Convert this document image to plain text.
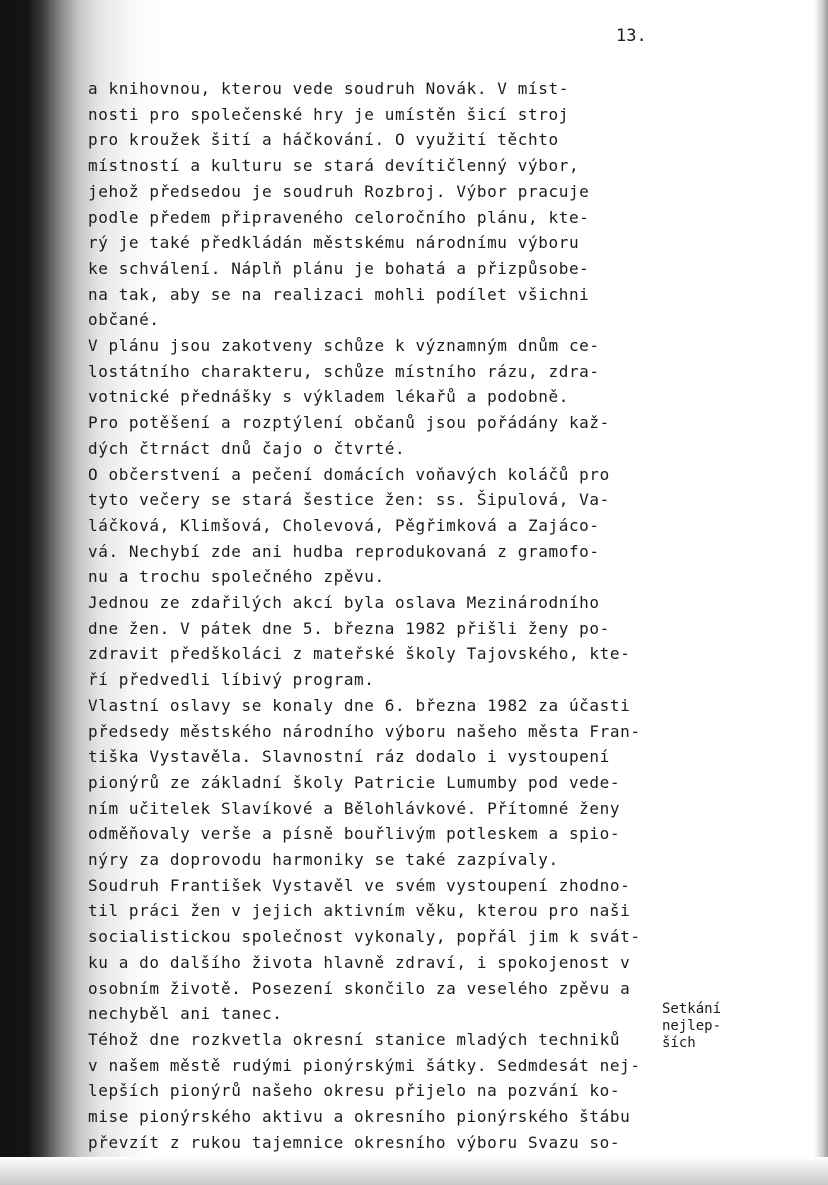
13.
a knihovnou, kterou vede soudruh Novák. V míst-
nosti pro společenské hry je umístěn šicí stroj
pro kroužek šití a háčkování. O využití těchto
místností a kulturu se stará devítičlenný výbor,
jehož předsedou je soudruh Rozbroj. Výbor pracuje
podle předem připraveného celoročního plánu, kte-
rý je také předkládán městskému národnímu výboru
ke schválení. Náplň plánu je bohatá a přizpůsobe-
na tak, aby se na realizaci mohli podílet všichni
občané.
V plánu jsou zakotveny schůze k významným dnům ce-
lostátního charakteru, schůze místního rázu, zdra-
votnické přednášky s výkladem lékařů a podobně.
Pro potěšení a rozptýlení občanů jsou pořádány kaž-
dých čtrnáct dnů čajo o čtvrté.
O občerstvení a pečení domácích voňavých koláčů pro
tyto večery se stará šestice žen: ss. Šipulová, Va-
láčková, Klimšová, Cholevová, Pěgřimková a Zajáco-
vá. Nechybí zde ani hudba reprodukovaná z gramofo-
nu a trochu společného zpěvu.
Jednou ze zdařilých akcí byla oslava Mezinárodního
dne žen. V pátek dne 5. března 1982 přišli ženy po-
zdravit předškoláci z mateřské školy Tajovského, kte-
ří předvedli líbivý program.
Vlastní oslavy se konaly dne 6. března 1982 za účasti
předsedy městského národního výboru našeho města Fran-
tiška Vystavěla. Slavnostní ráz dodalo i vystoupení
pionýrů ze základní školy Patricie Lumumby pod vede-
ním učitelek Slavíkové a Bělohlávkové. Přítomné ženy
odměňovaly verše a písně bouřlivým potleskem a spio-
nýry za doprovodu harmoniky se také zazpívaly.
Soudruh František Vystavěl ve svém vystoupení zhodno-
til práci žen v jejich aktivním věku, kterou pro naši
socialistickou společnost vykonaly, popřál jim k svát-
ku a do dalšího života hlavně zdraví, i spokojenost v
osobním životě. Posezení skončilo za veselého zpěvu a
nechyběl ani tanec.
Téhož dne rozkvetla okresní stanice mladých techniků
v našem městě rudými pionýrskými šátky. Sedmdesát nej-
lepších pionýrů našeho okresu přijelo na pozvání ko-
mise pionýrského aktivu a okresního pionýrského štábu
převzít z rukou tajemnice okresního výboru Svazu so-
Setkání
nejlep-
ších
